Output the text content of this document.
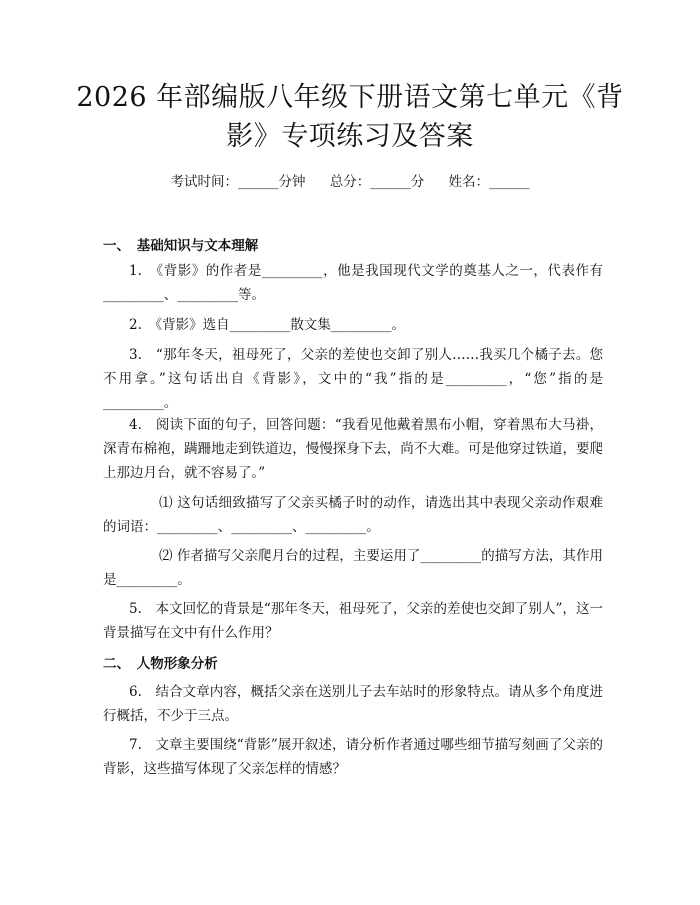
2026 年部编版八年级下册语文第七单元《背影》专项练习及答案
考试时间：______分钟 总分：______分 姓名：______
一、　基础知识与文本理解

1.　《背影》的作者是_________，他是我国现代文学的奠基人之一，代表作有_________、_________等。

2.　《背影》选自_________散文集_________。

3.　“那年冬天，祖母死了，父亲的差使也交卸了别人……我买几个橘子去。您不用拿。”这句话出自《背影》，文中的“我”指的是_________，“您”指的是_________。

4.　阅读下面的句子，回答问题：“我看见他戴着黑布小帽，穿着黑布大马褂，深青布棉袍，蹒跚地走到铁道边，慢慢探身下去，尚不大难。可是他穿过铁道，要爬上那边月台，就不容易了。”

⑴ 这句话细致描写了父亲买橘子时的动作，请选出其中表现父亲动作艰难的词语：_________、_________、_________。

⑵ 作者描写父亲爬月台的过程，主要运用了_________的描写方法，其作用是_________。

5.　本文回忆的背景是“那年冬天，祖母死了，父亲的差使也交卸了别人”，这一背景描写在文中有什么作用？

二、　人物形象分析

6.　结合文章内容，概括父亲在送别儿子去车站时的形象特点。请从多个角度进行概括，不少于三点。

7.　文章主要围绕“背影”展开叙述，请分析作者通过哪些细节描写刻画了父亲的背影，这些描写体现了父亲怎样的情感？
